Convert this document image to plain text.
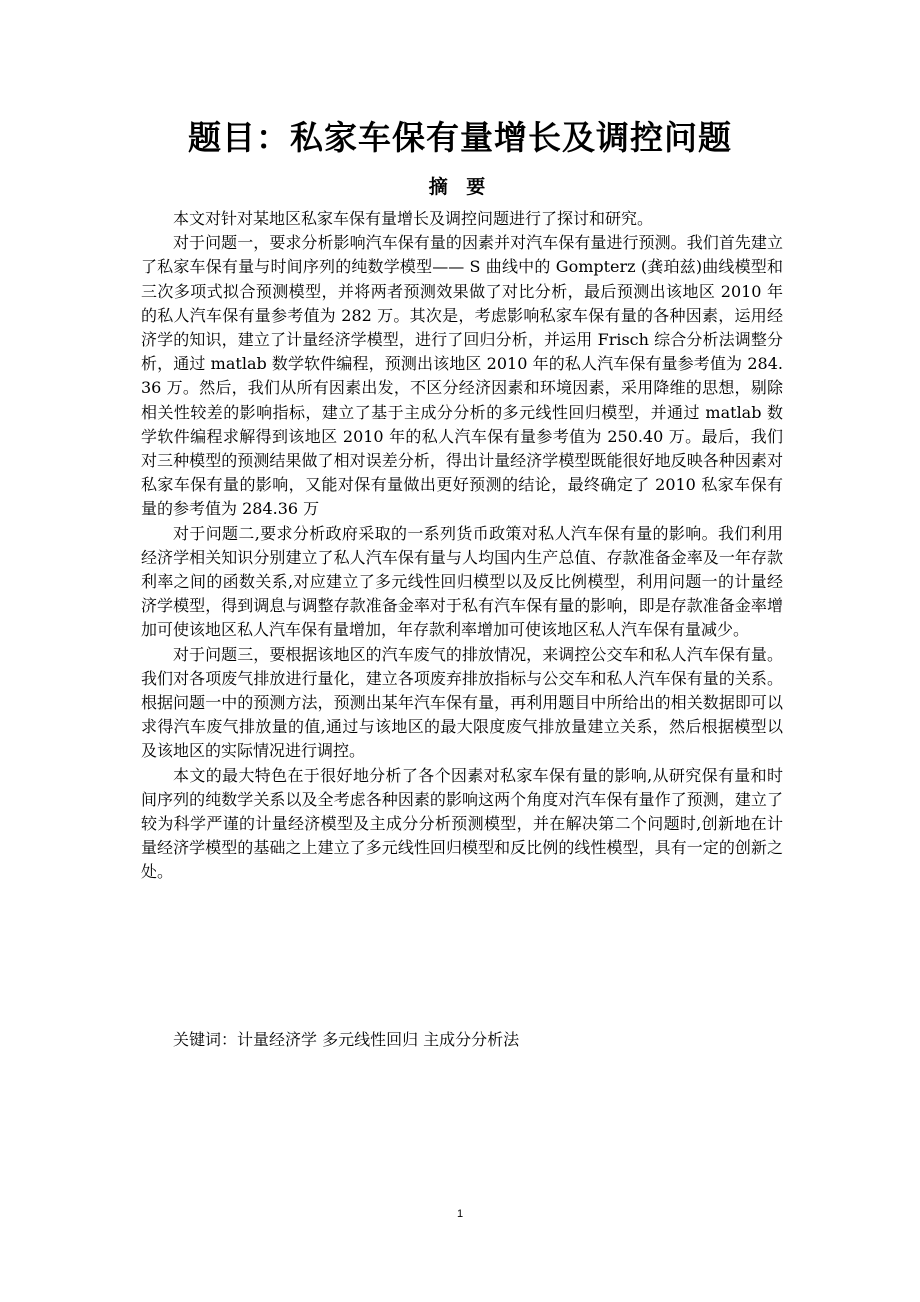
题目：私家车保有量增长及调控问题
摘 要

本文对针对某地区私家车保有量增长及调控问题进行了探讨和研究。

对于问题一，要求分析影响汽车保有量的因素并对汽车保有量进行预测。我们首先建立了私家车保有量与时间序列的纯数学模型—— S 曲线中的 Gompterz (龚珀兹)曲线模型和三次多项式拟合预测模型，并将两者预测效果做了对比分析，最后预测出该地区 2010 年的私人汽车保有量参考值为 282 万。其次是，考虑影响私家车保有量的各种因素，运用经济学的知识，建立了计量经济学模型，进行了回归分析，并运用 Frisch 综合分析法调整分析，通过 matlab 数学软件编程，预测出该地区 2010 年的私人汽车保有量参考值为 284.36 万。然后，我们从所有因素出发，不区分经济因素和环境因素，采用降维的思想，剔除相关性较差的影响指标，建立了基于主成分分析的多元线性回归模型，并通过 matlab 数学软件编程求解得到该地区 2010 年的私人汽车保有量参考值为 250.40 万。最后，我们对三种模型的预测结果做了相对误差分析，得出计量经济学模型既能很好地反映各种因素对私家车保有量的影响，又能对保有量做出更好预测的结论，最终确定了 2010 私家车保有量的参考值为 284.36 万

对于问题二,要求分析政府采取的一系列货币政策对私人汽车保有量的影响。我们利用经济学相关知识分别建立了私人汽车保有量与人均国内生产总值、存款准备金率及一年存款利率之间的函数关系,对应建立了多元线性回归模型以及反比例模型，利用问题一的计量经济学模型，得到调息与调整存款准备金率对于私有汽车保有量的影响，即是存款准备金率增加可使该地区私人汽车保有量增加，年存款利率增加可使该地区私人汽车保有量减少。

对于问题三，要根据该地区的汽车废气的排放情况，来调控公交车和私人汽车保有量。我们对各项废气排放进行量化，建立各项废弃排放指标与公交车和私人汽车保有量的关系。根据问题一中的预测方法，预测出某年汽车保有量，再利用题目中所给出的相关数据即可以求得汽车废气排放量的值,通过与该地区的最大限度废气排放量建立关系，然后根据模型以及该地区的实际情况进行调控。

本文的最大特色在于很好地分析了各个因素对私家车保有量的影响,从研究保有量和时间序列的纯数学关系以及全考虑各种因素的影响这两个角度对汽车保有量作了预测，建立了较为科学严谨的计量经济模型及主成分分析预测模型，并在解决第二个问题时,创新地在计量经济学模型的基础之上建立了多元线性回归模型和反比例的线性模型，具有一定的创新之处。

关键词：计量经济学 多元线性回归 主成分分析法
1
